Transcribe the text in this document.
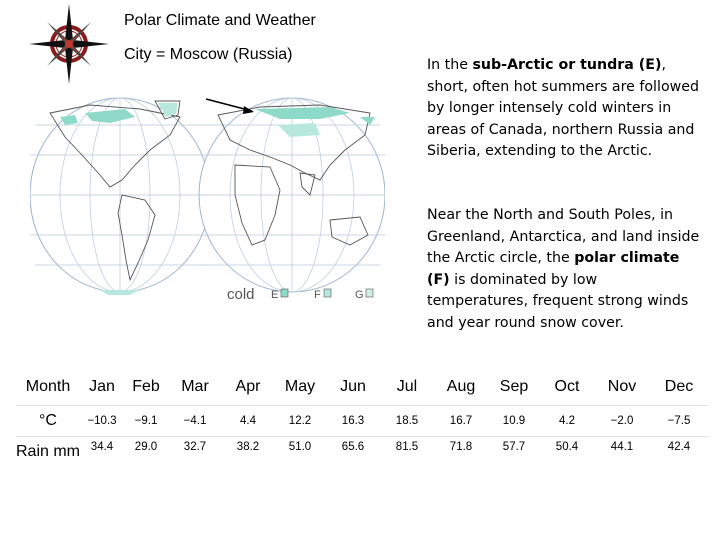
Polar Climate and Weather
City = Moscow (Russia)
cold E	F	G
In the sub-Arctic or tundra (E), short, often hot summers are followed by longer intensely cold winters in areas of Canada, northern Russia and Siberia, extending to the Arctic.
Near the North and South Poles, in Greenland, Antarctica, and land inside the Arctic circle, the polar climate (F) is dominated by low temperatures, frequent strong winds and year round snow cover.
Month	Jan	Feb	Mar	Apr	May	Jun	Jul	Aug	Sep	Oct	Nov	Dec
°C	−10.3	−9.1	−4.1	4.4	12.2	16.3	18.5	16.7	10.9	4.2	−2.0	−7.5
Rain mm	34.4	29.0	32.7	38.2	51.0	65.6	81.5	71.8	57.7	50.4	44.1	42.4
